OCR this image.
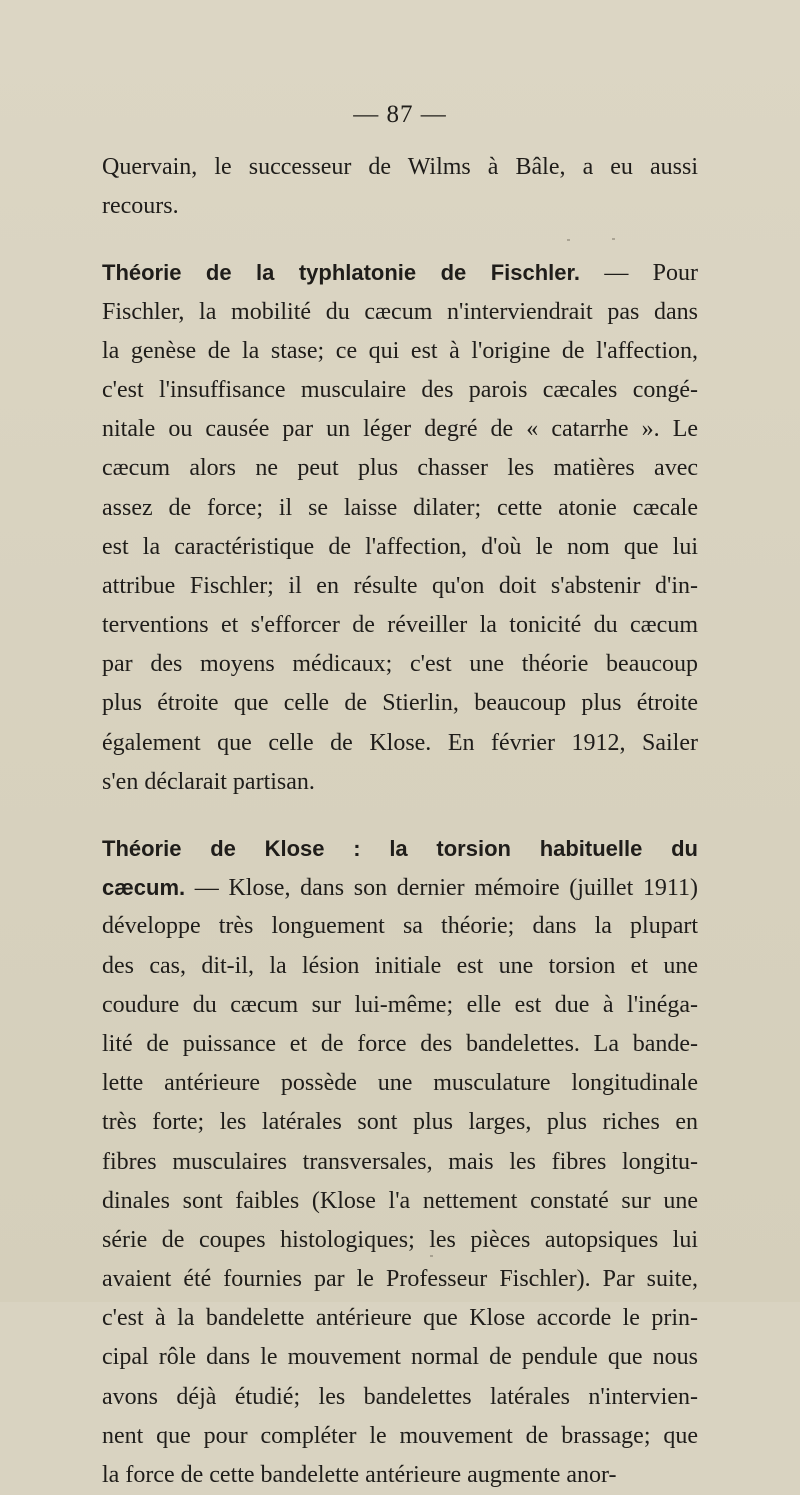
— 87 —
Quervain, le successeur de Wilms à Bâle, a eu aussi
recours.
Théorie de la typhlatonie de Fischler. — Pour
Fischler, la mobilité du cæcum n'interviendrait pas dans
la genèse de la stase; ce qui est à l'origine de l'affection,
c'est l'insuffisance musculaire des parois cæcales congé-
nitale ou causée par un léger degré de « catarrhe ». Le
cæcum alors ne peut plus chasser les matières avec
assez de force; il se laisse dilater; cette atonie cæcale
est la caractéristique de l'affection, d'où le nom que lui
attribue Fischler; il en résulte qu'on doit s'abstenir d'in-
terventions et s'efforcer de réveiller la tonicité du cæcum
par des moyens médicaux; c'est une théorie beaucoup
plus étroite que celle de Stierlin, beaucoup plus étroite
également que celle de Klose. En février 1912, Sailer
s'en déclarait partisan.
Théorie de Klose : la torsion habituelle du
cæcum. — Klose, dans son dernier mémoire (juillet 1911)
développe très longuement sa théorie; dans la plupart
des cas, dit-il, la lésion initiale est une torsion et une
coudure du cæcum sur lui-même; elle est due à l'inéga-
lité de puissance et de force des bandelettes. La bande-
lette antérieure possède une musculature longitudinale
très forte; les latérales sont plus larges, plus riches en
fibres musculaires transversales, mais les fibres longitu-
dinales sont faibles (Klose l'a nettement constaté sur une
série de coupes histologiques; les pièces autopsiques lui
avaient été fournies par le Professeur Fischler). Par suite,
c'est à la bandelette antérieure que Klose accorde le prin-
cipal rôle dans le mouvement normal de pendule que nous
avons déjà étudié; les bandelettes latérales n'intervien-
nent que pour compléter le mouvement de brassage; que
la force de cette bandelette antérieure augmente anor-
